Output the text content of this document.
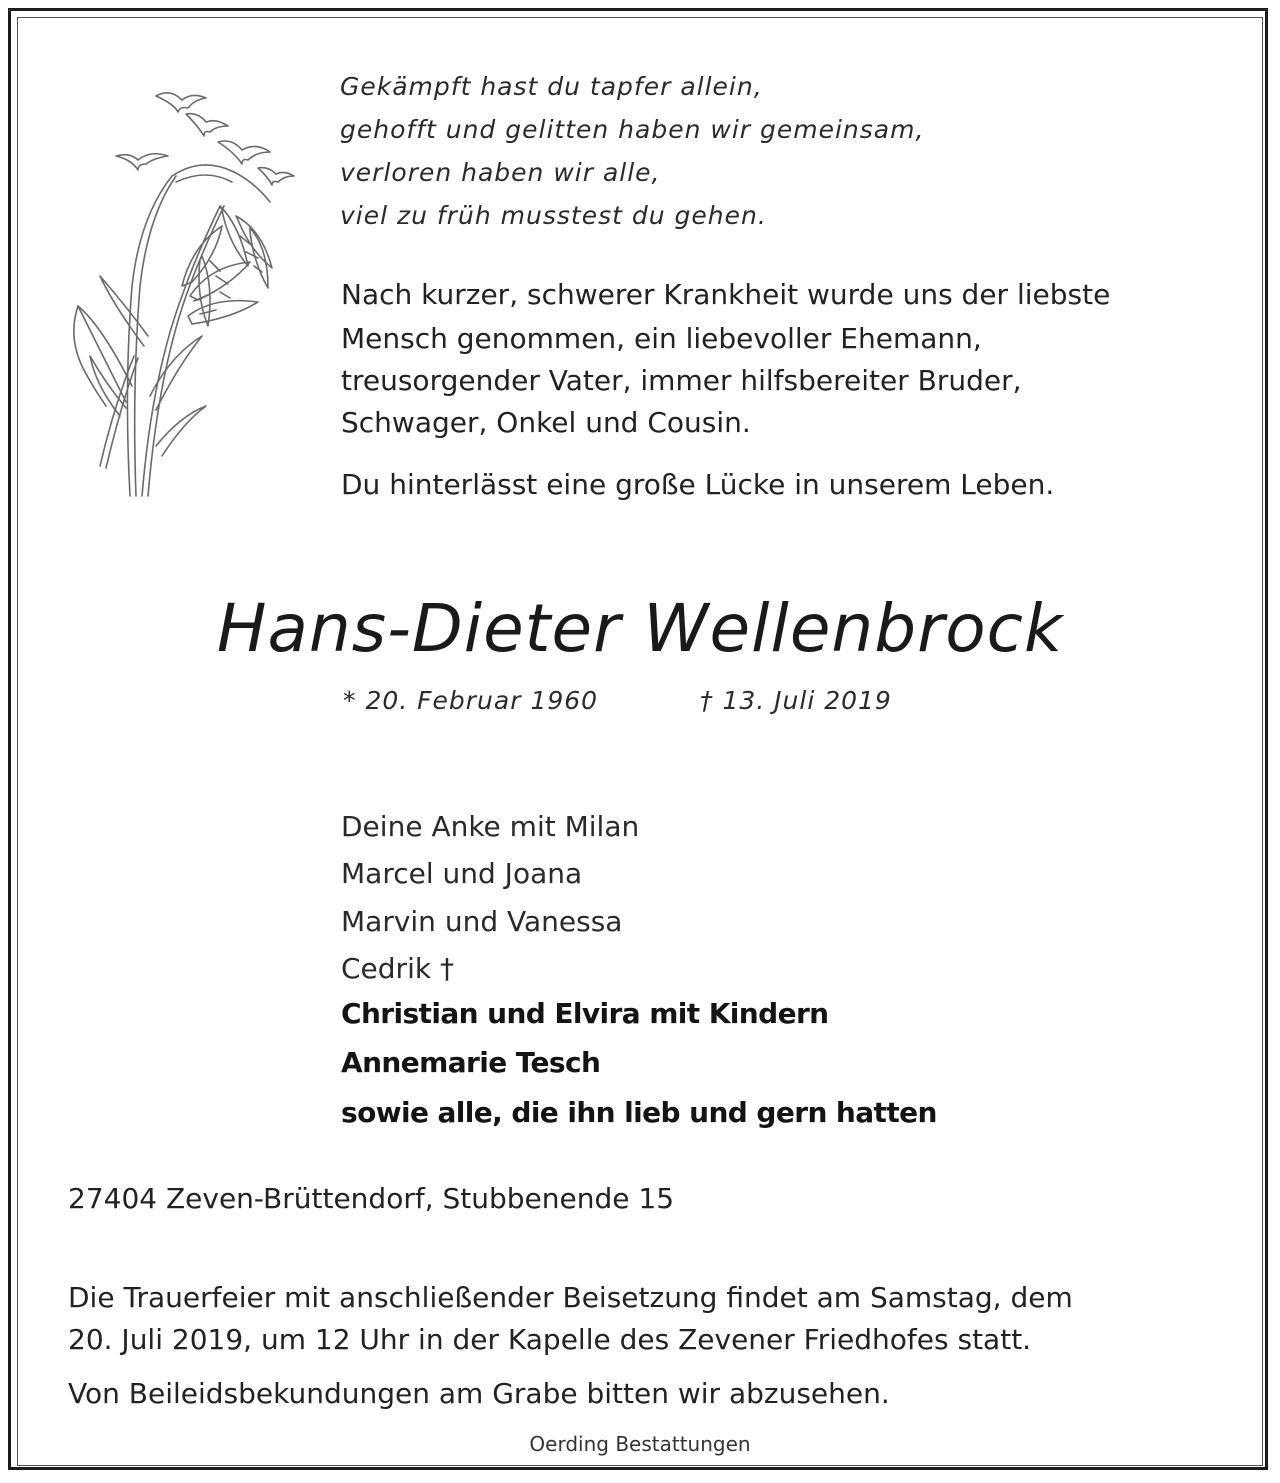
Gekämpft hast du tapfer allein,
gehofft und gelitten haben wir gemeinsam,
verloren haben wir alle,
viel zu früh musstest du gehen.
Nach kurzer, schwerer Krankheit wurde uns der liebste
Mensch genommen, ein liebevoller Ehemann,
treusorgender Vater, immer hilfsbereiter Bruder,
Schwager, Onkel und Cousin.
Du hinterlässt eine große Lücke in unserem Leben.
Hans-Dieter Wellenbrock
* 20. Februar 1960	† 13. Juli 2019
Deine Anke mit Milan
Marcel und Joana
Marvin und Vanessa
Cedrik †
Christian und Elvira mit Kindern
Annemarie Tesch
sowie alle, die ihn lieb und gern hatten
27404 Zeven-Brüttendorf, Stubbenende 15
Die Trauerfeier mit anschließender Beisetzung findet am Samstag, dem
20. Juli 2019, um 12 Uhr in der Kapelle des Zevener Friedhofes statt.
Von Beileidsbekundungen am Grabe bitten wir abzusehen.
Oerding Bestattungen
